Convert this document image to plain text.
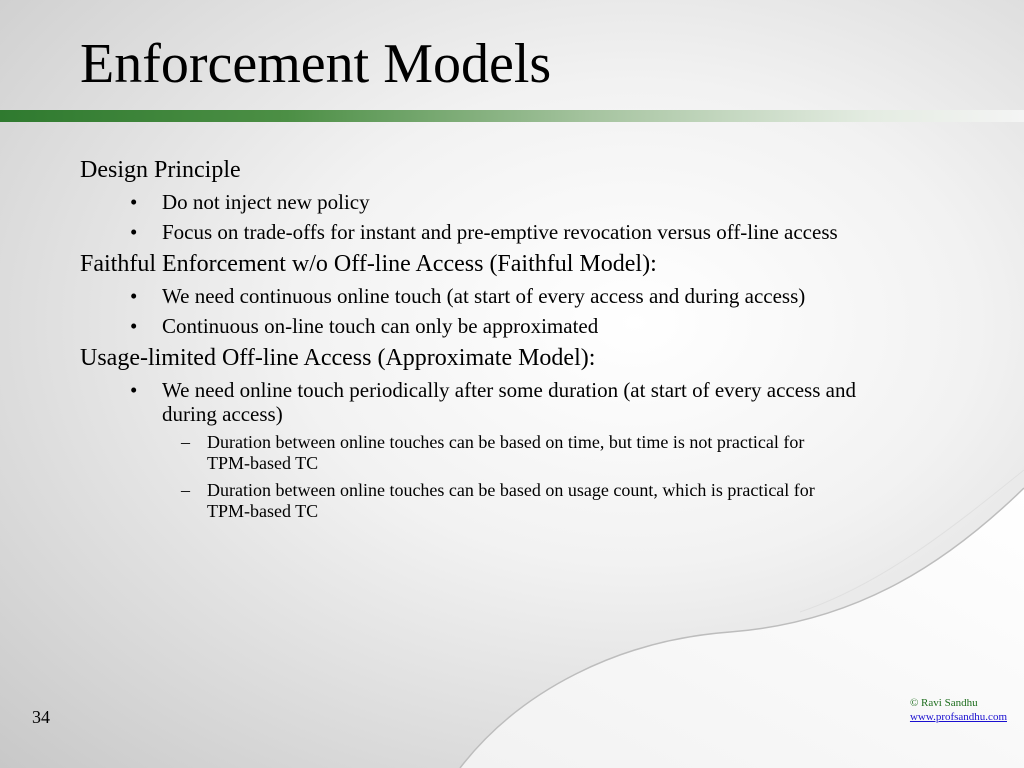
Enforcement Models
Design Principle
• Do not inject new policy
• Focus on trade-offs for instant and pre-emptive revocation versus off-line access
Faithful Enforcement w/o Off-line Access (Faithful Model):
• We need continuous online touch (at start of every access and during access)
• Continuous on-line touch can only be approximated
Usage-limited Off-line Access (Approximate Model):
• We need online touch periodically after some duration (at start of every access and during access)
– Duration between online touches can be based on time, but time is not practical for TPM-based TC
– Duration between online touches can be based on usage count, which is practical for TPM-based TC
34
© Ravi Sandhu
www.profsandhu.com
